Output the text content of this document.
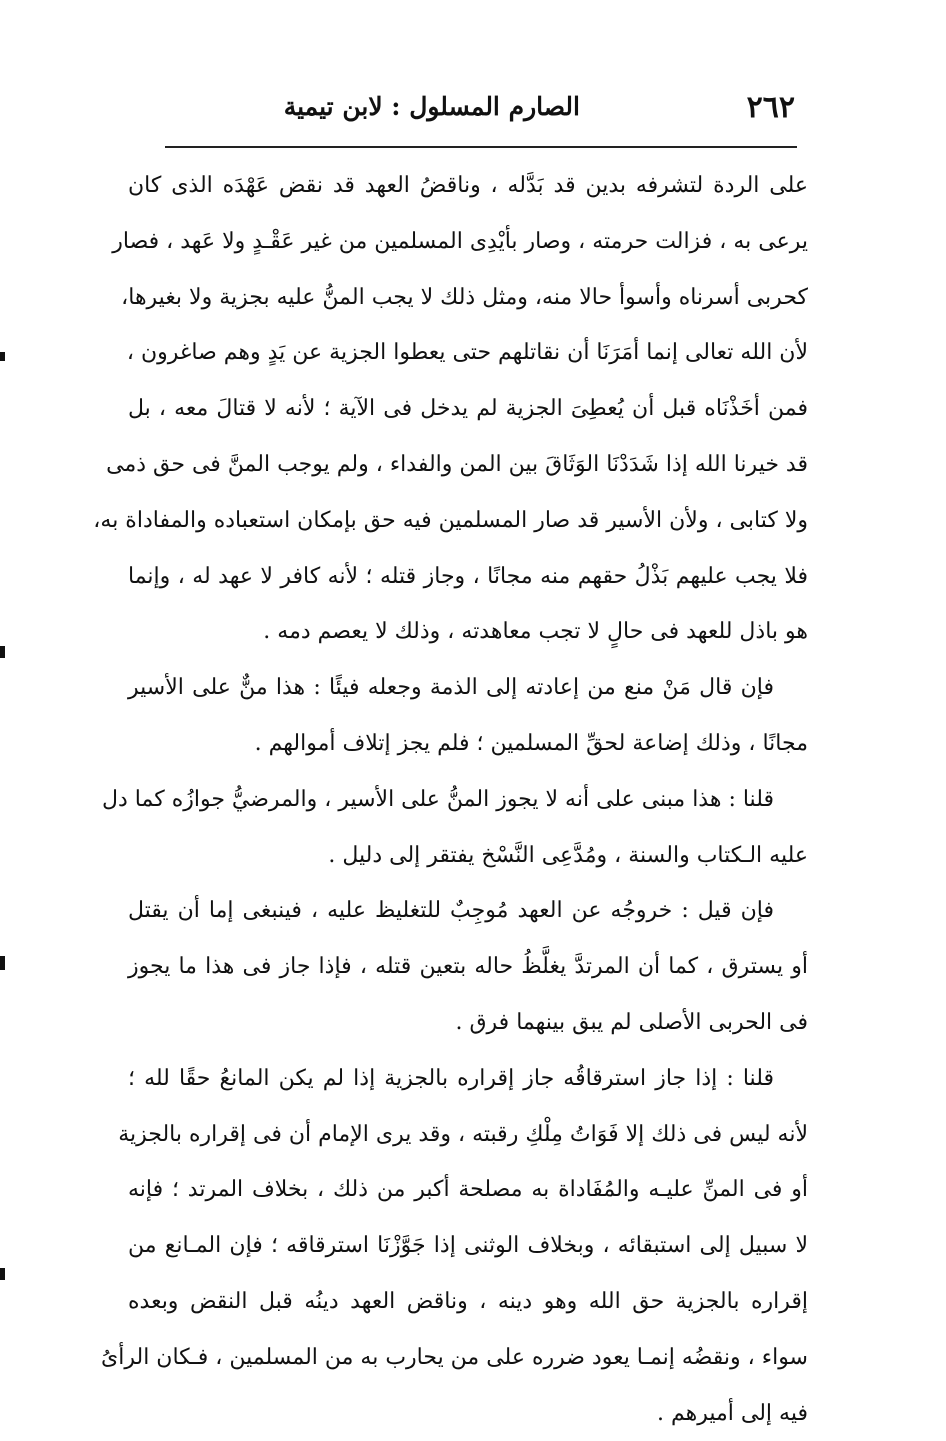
٢٦٢
الصارم المسلول : لابن تيمية
على الردة لتشرفه بدين قد بَدَّله ، وناقضُ العهد قد نقض عَهْدَه الذى كان
يرعى به ، فزالت حرمته ، وصار بأيْدِى المسلمين من غير عَقْـدٍ ولا عَهد ، فصار
كحربى أسرناه وأسوأ حالا منه، ومثل ذلك لا يجب المنُّ عليه بجزية ولا بغيرها،
لأن الله تعالى إنما أمَرَنَا أن نقاتلهم حتى يعطوا الجزية عن يَدٍ وهم صاغرون ،
فمن أخَذْنَاه قبل أن يُعطِىَ الجزية لم يدخل فى الآية ؛ لأنه لا قتالَ معه ، بل
قد خيرنا الله إذا شَدَدْنَا الوَثَاقَ بين المن والفداء ، ولم يوجب المنَّ فى حق ذمى
ولا كتابى ، ولأن الأسير قد صار المسلمين فيه حق بإمكان استعباده والمفاداة به،
فلا يجب عليهم بَذْلُ حقهم منه مجانًا ، وجاز قتله ؛ لأنه كافر لا عهد له ، وإنما
هو باذل للعهد فى حالٍ لا تجب معاهدته ، وذلك لا يعصم دمه .
فإن قال مَنْ منع من إعادته إلى الذمة وجعله فيئًا : هذا منٌّ على الأسير
مجانًا ، وذلك إضاعة لحقِّ المسلمين ؛ فلم يجز إتلاف أموالهم .
قلنا : هذا مبنى على أنه لا يجوز المنُّ على الأسير ، والمرضيُّ جوازُه كما دل
عليه الـكتاب والسنة ، ومُدَّعِى النَّسْخ يفتقر إلى دليل .
فإن قيل : خروجُه عن العهد مُوجِبٌ للتغليظ عليه ، فينبغى إما أن يقتل
أو يسترق ، كما أن المرتدَّ يغلَّظُ حاله بتعين قتله ، فإذا جاز فى هذا ما يجوز
فى الحربى الأصلى لم يبق بينهما فرق .
قلنا : إذا جاز استرقاقُه جاز إقراره بالجزية إذا لم يكن المانعُ حقًا لله ؛
لأنه ليس فى ذلك إلا فَوَاتُ مِلْكِ رقبته ، وقد يرى الإمام أن فى إقراره بالجزية
أو فى المنِّ عليـه والمُفَاداة به مصلحة أكبر من ذلك ، بخلاف المرتد ؛ فإنه
لا سبيل إلى استبقائه ، وبخلاف الوثنى إذا جَوَّزْنَا استرقاقه ؛ فإن المـانع من
إقراره بالجزية حق الله وهو دينه ، وناقض العهد دينُه قبل النقض وبعده
سواء ، ونقضُه إنمـا يعود ضرره على من يحارب به من المسلمين ، فـكان الرأىُ
فيه إلى أميرهم .
